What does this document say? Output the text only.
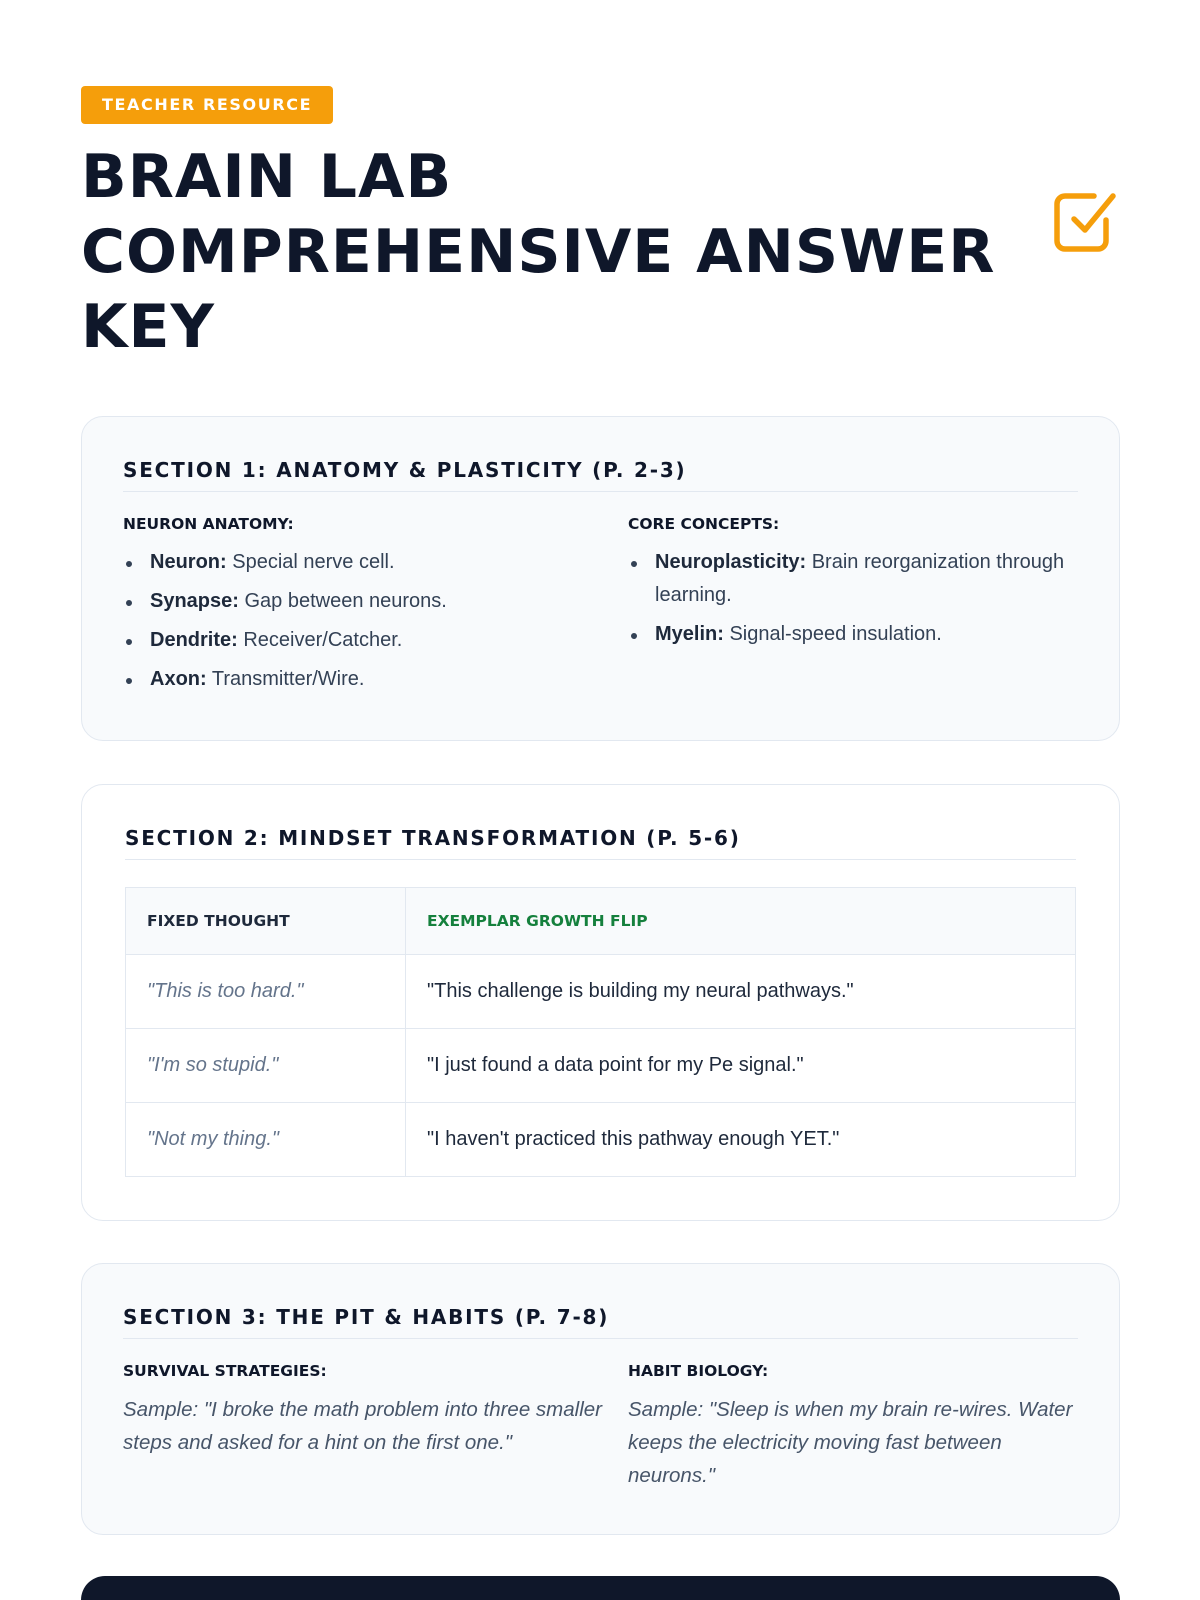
TEACHER RESOURCE
BRAIN LAB
COMPREHENSIVE ANSWER
KEY
SECTION 1: ANATOMY & PLASTICITY (P. 2-3)
NEURON ANATOMY:
Neuron: Special nerve cell.
Synapse: Gap between neurons.
Dendrite: Receiver/Catcher.
Axon: Transmitter/Wire.
CORE CONCEPTS:
Neuroplasticity: Brain reorganization through learning.
Myelin: Signal-speed insulation.
SECTION 2: MINDSET TRANSFORMATION (P. 5-6)
FIXED THOUGHT	EXEMPLAR GROWTH FLIP
"This is too hard."	"This challenge is building my neural pathways."
"I'm so stupid."	"I just found a data point for my Pe signal."
"Not my thing."	"I haven't practiced this pathway enough YET."
SECTION 3: THE PIT & HABITS (P. 7-8)
SURVIVAL STRATEGIES:

Sample: "I broke the math problem into three smaller steps and asked for a hint on the first one."

HABIT BIOLOGY:

Sample: "Sleep is when my brain re-wires. Water keeps the electricity moving fast between neurons."
